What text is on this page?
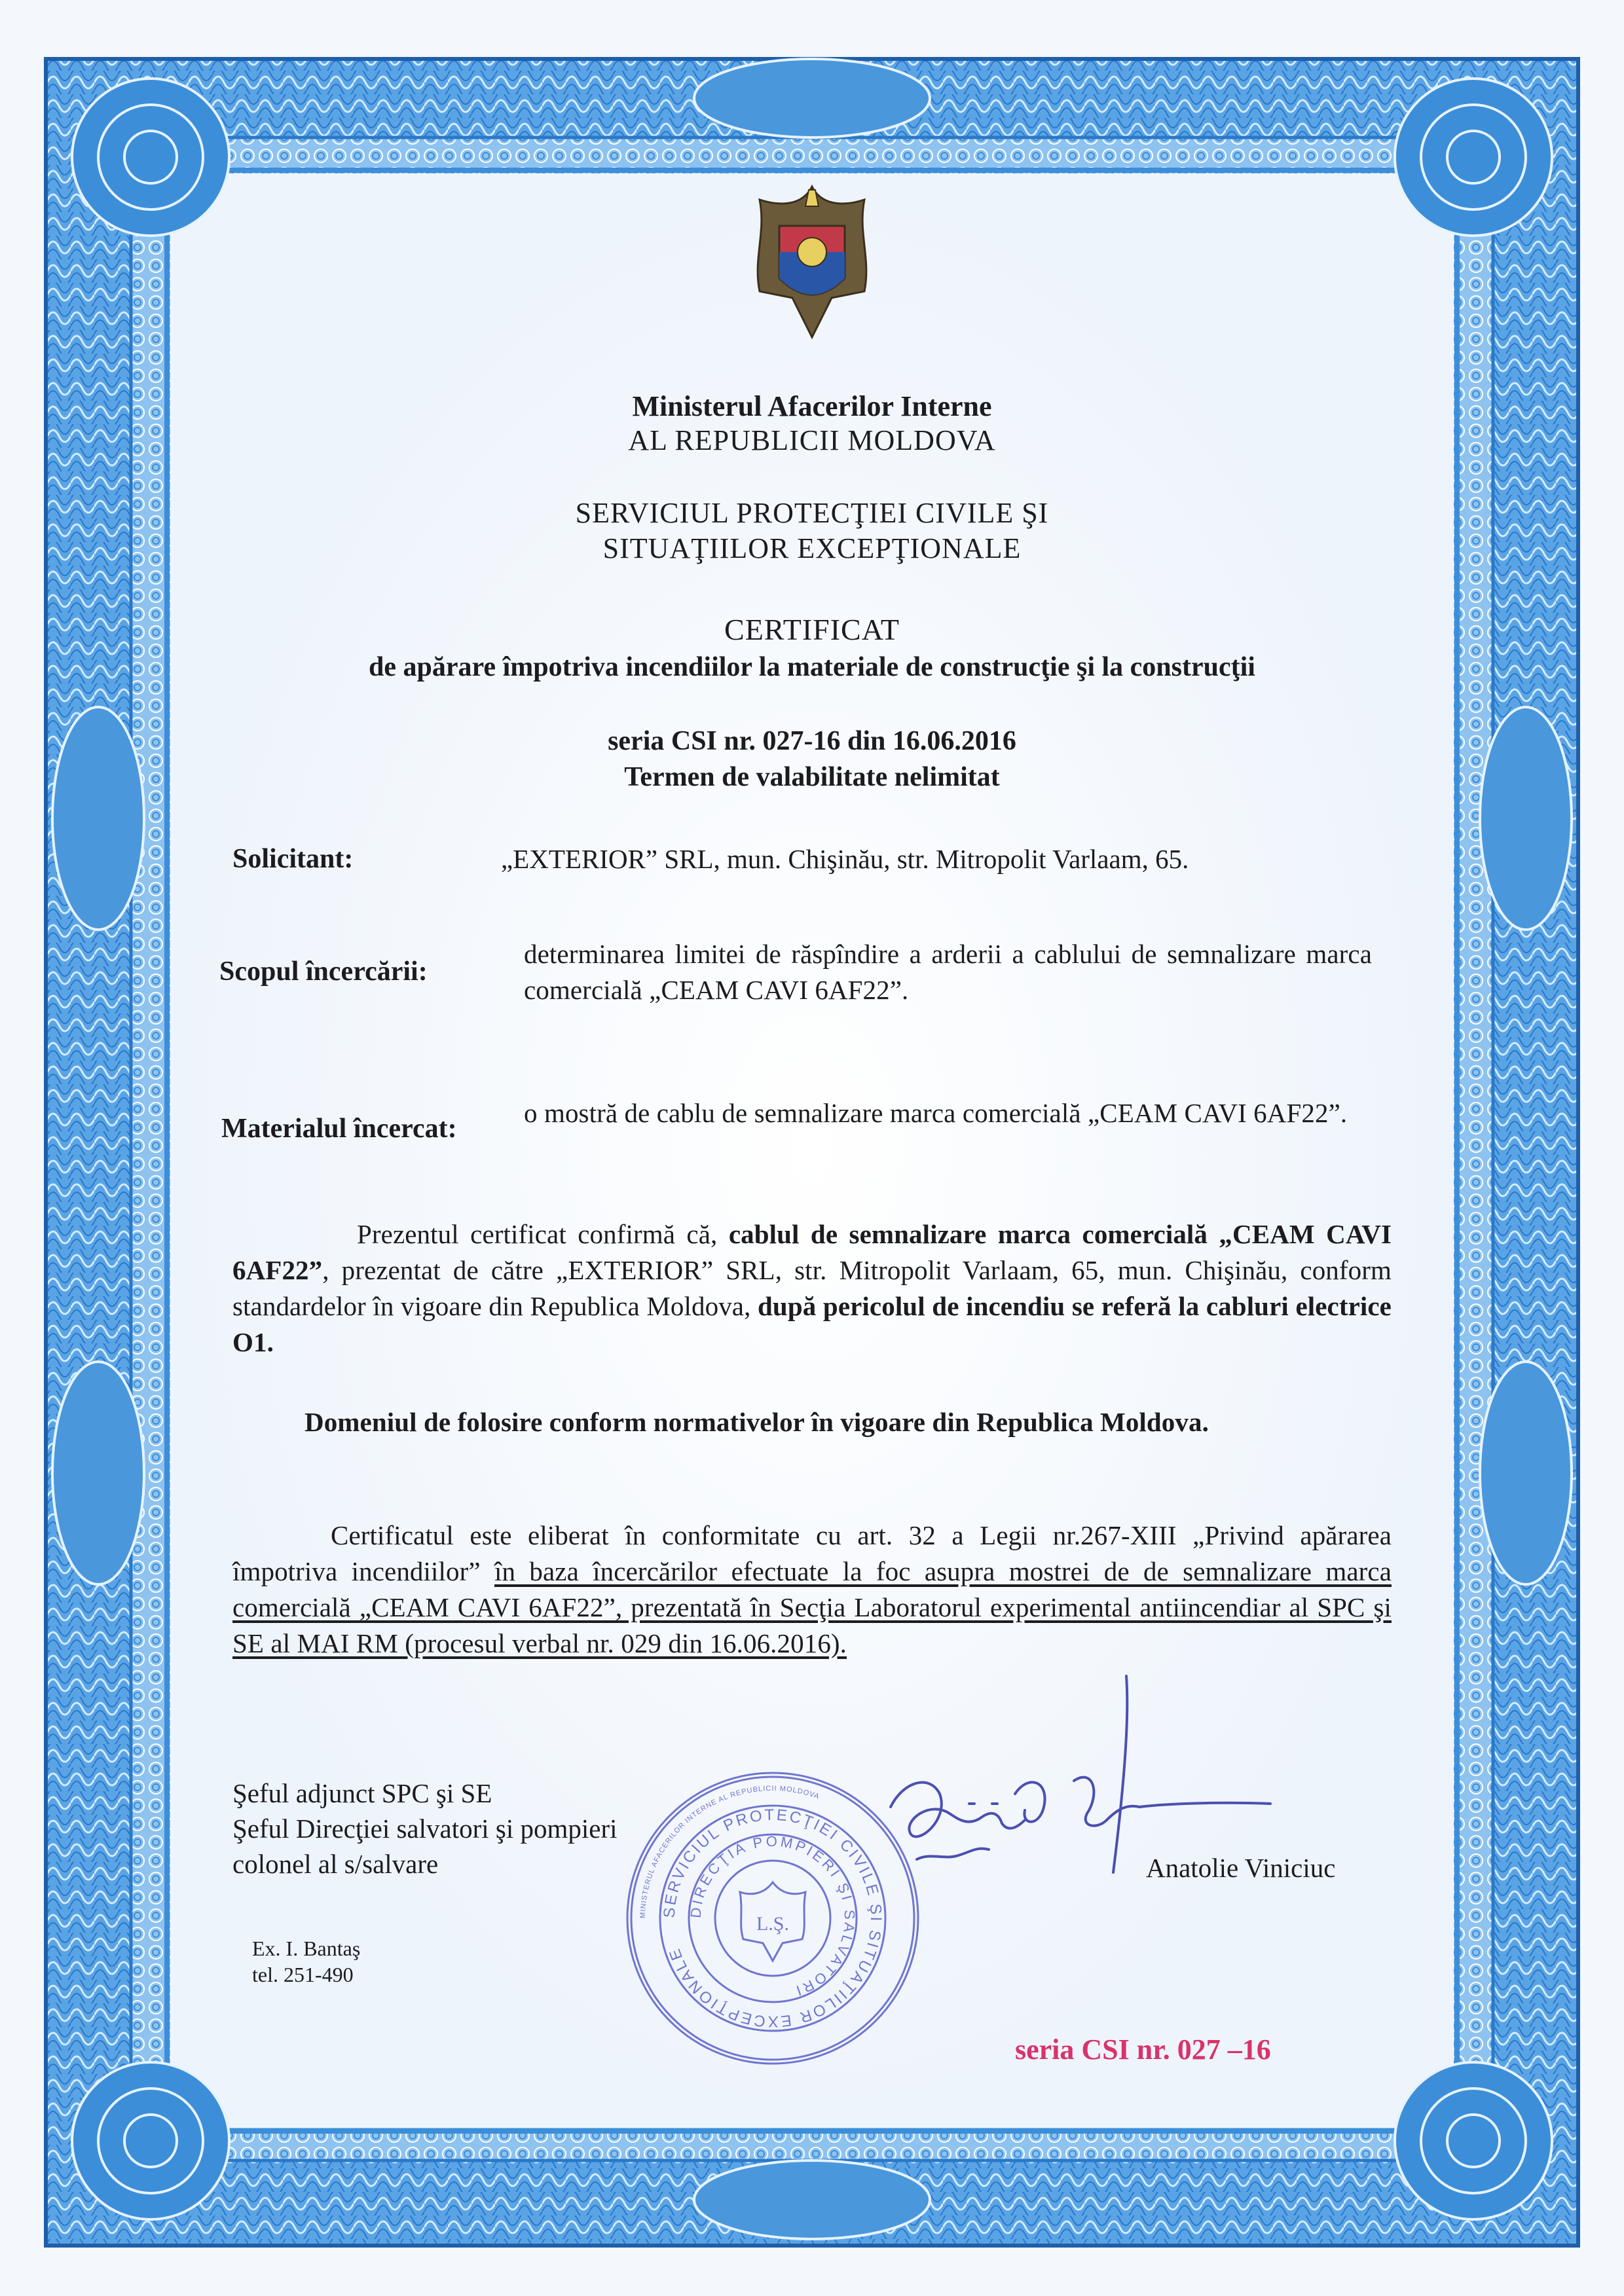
Ministerul Afacerilor Interne

AL REPUBLICII MOLDOVA

SERVICIUL PROTECŢIEI CIVILE ŞI

SITUAŢIILOR EXCEPŢIONALE

CERTIFICAT

de apărare împotriva incendiilor la materiale de construcţie şi la construcţii

seria CSI nr. 027-16 din 16.06.2016

Termen de valabilitate nelimitat

Solicitant:	„EXTERIOR” SRL, mun. Chişinău, str. Mitropolit Varlaam, 65.

Scopul încercării:

determinarea limitei de răspîndire a arderii a cablului de semnalizare marca comercială „CEAM CAVI 6AF22”.

Materialul încercat:

o mostră de cablu de semnalizare marca comercială „CEAM CAVI 6AF22”.

Prezentul certificat confirmă că, cablul de semnalizare marca comercială „CEAM CAVI 6AF22”, prezentat de către „EXTERIOR” SRL, str. Mitropolit Varlaam, 65, mun. Chişinău, conform standardelor în vigoare din Republica Moldova, după pericolul de incendiu se referă la cabluri electrice O1.

Domeniul de folosire conform normativelor în vigoare din Republica Moldova.

Certificatul este eliberat în conformitate cu art. 32 a Legii nr.267-XIII „Privind apărarea împotriva incendiilor” în baza încercărilor efectuate la foc asupra mostrei de de semnalizare marca comercială „CEAM CAVI 6AF22”, prezentată în Secţia Laboratorul experimental antiincendiar al SPC şi SE al MAI RM (procesul verbal nr. 029 din 16.06.2016).

Şeful adjunct SPC şi SE

Şeful Direcţiei salvatori şi pompieri

colonel al s/salvare	Anatolie Viniciuc

Ex. I. Bantaş

tel. 251-490

MINISTERUL AFACERILOR INTERNE AL REPUBLICII MOLDOVA
SERVICIUL PROTECŢIEI CIVILE ŞI SITUAŢIILOR EXCEPŢIONALE
DIRECŢIA POMPIERI ŞI SALVATORI
L.Ş.

seria CSI nr. 027 –16
